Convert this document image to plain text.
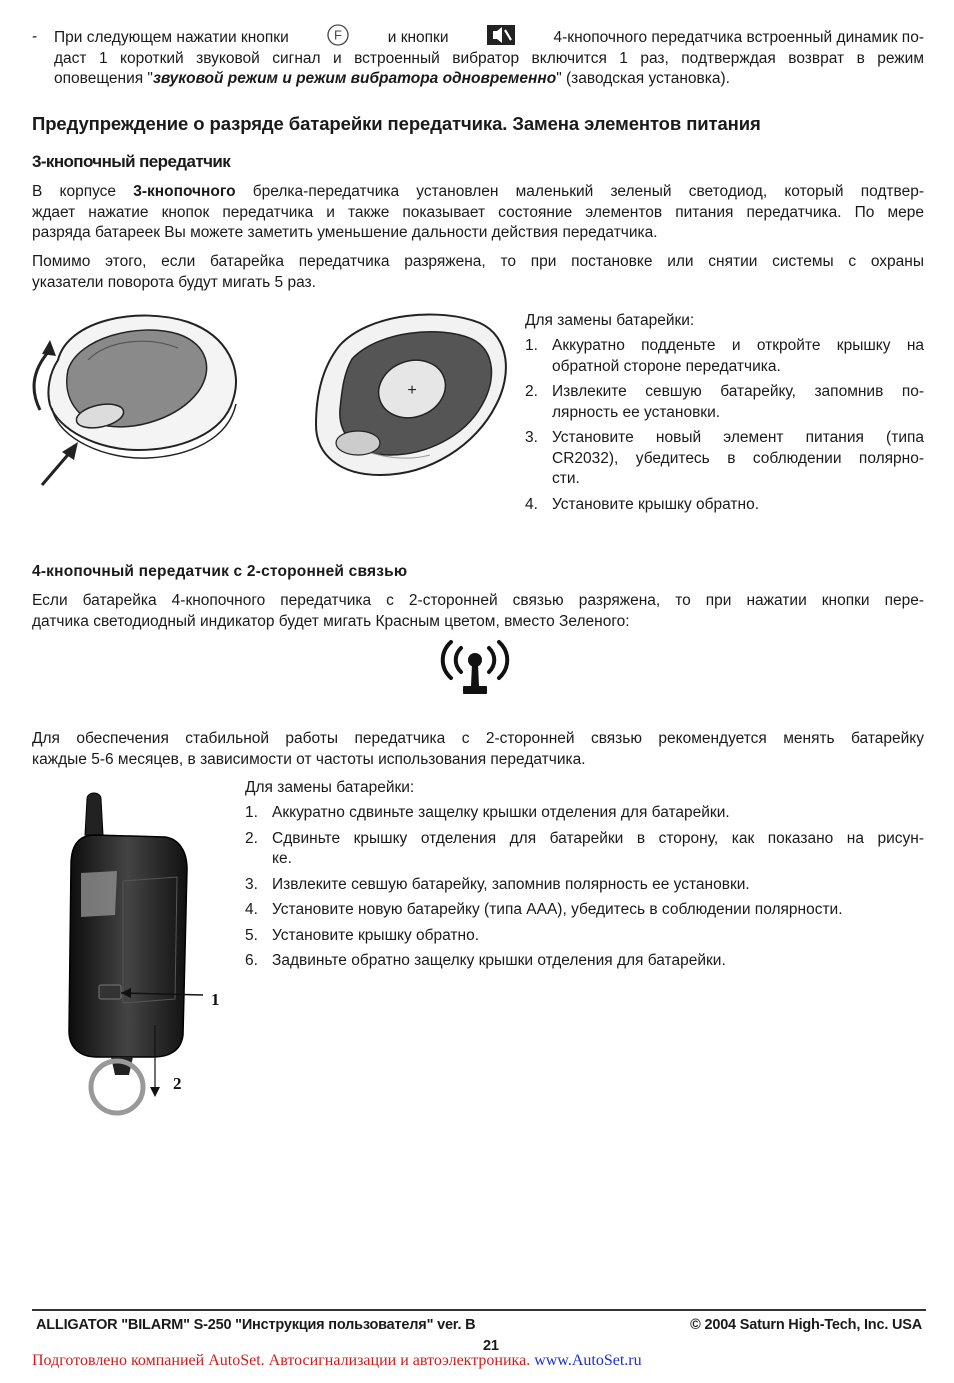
- При следующем нажатии кнопки	F	и кнопки	4-кнопочного передатчика встроенный динамик по-
даст 1 короткий звуковой сигнал и встроенный вибратор включится 1 раз, подтверждая возврат в режим
оповещения "звуковой режим и режим вибратора одновременно" (заводская установка).
Предупреждение о разряде батарейки передатчика. Замена элементов питания
3-кнопочный передатчик
В корпусе 3-кнопочного брелка-передатчика установлен маленький зеленый светодиод, который подтвер-
ждает нажатие кнопок передатчика и также показывает состояние элементов питания передатчика. По мере
разряда батареек Вы можете заметить уменьшение дальности действия передатчика.
Помимо этого, если батарейка передатчика разряжена, то при постановке или снятии системы с охраны
указатели поворота будут мигать 5 раз.
+
Для замены батарейки:
1. Аккуратно подденьте и откройте крышку на
обратной стороне передатчика.
2. Извлеките севшую батарейку, запомнив по-
лярность ее установки.
3. Установите новый элемент питания (типа
CR2032), убедитесь в соблюдении полярно-
сти.
4. Установите крышку обратно.
4-кнопочный передатчик с 2-сторонней связью
Если батарейка 4-кнопочного передатчика с 2-сторонней связью разряжена, то при нажатии кнопки пере-
датчика светодиодный индикатор будет мигать Красным цветом, вместо Зеленого:
Для обеспечения стабильной работы передатчика с 2-сторонней связью рекомендуется менять батарейку
каждые 5-6 месяцев, в зависимости от частоты использования передатчика.
1
2
Для замены батарейки:
1. Аккуратно сдвиньте защелку крышки отделения для батарейки.
2. Сдвиньте крышку отделения для батарейки в сторону, как показано на рисун-
ке.
3. Извлеките севшую батарейку, запомнив полярность ее установки.
4. Установите новую батарейку (типа ААА), убедитесь в соблюдении полярности.
5. Установите крышку обратно.
6. Задвиньте обратно защелку крышки отделения для батарейки.
ALLIGATOR "BILARM" S-250 "Инструкция пользователя" ver. B	© 2004 Saturn High-Tech, Inc. USA
21
Подготовлено компанией AutoSet. Автосигнализации и автоэлектроника. www.AutoSet.ru
